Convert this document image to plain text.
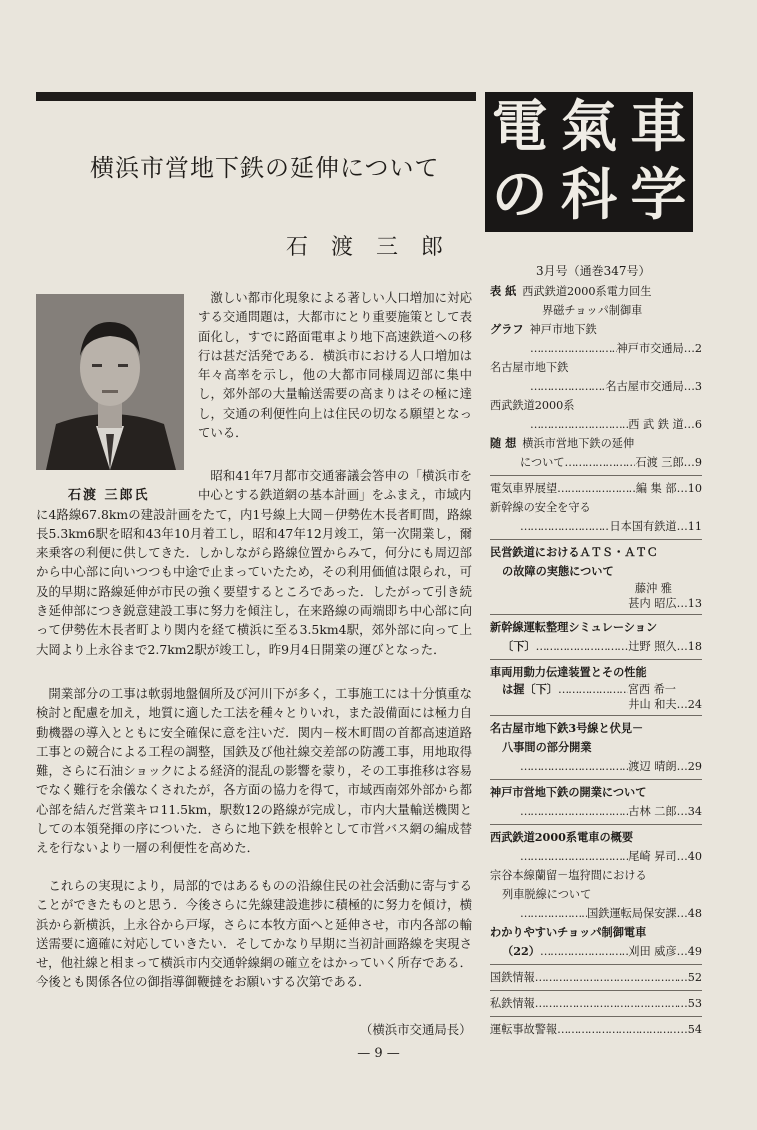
横浜市営地下鉄の延伸について
石 渡 三 郎
石渡 三郎氏
激しい都市化現象による著しい人口増加に対応する交通問題は，大都市にとり重要施策として表面化し，すでに路面電車より地下高速鉄道への移行は甚だ活発である．横浜市における人口増加は年々高率を示し，他の大都市同様周辺部に集中し，郊外部の大量輸送需要の高まりはその極に達し，交通の利便性向上は住民の切なる願望となっている．
昭和41年7月都市交通審議会答申の「横浜市を中心とする鉄道網の基本計画」をふまえ，市域内
に4路線67.8kmの建設計画をたて，内1号線上大岡－伊勢佐木長者町間，路線長5.3km6駅を昭和43年10月着工し，昭和47年12月竣工，第一次開業し，爾来乗客の利便に供してきた．しかしながら路線位置からみて，何分にも周辺部から中心部に向いつつも中途で止まっていたため，その利用価値は限られ，可及的早期に路線延伸が市民の強く要望するところであった．したがって引き続き延伸部につき鋭意建設工事に努力を傾注し，在来路線の両端即ち中心部に向って伊勢佐木長者町より関内を経て横浜に至る3.5km4駅，郊外部に向って上大岡より上永谷まで2.7km2駅が竣工し，昨9月4日開業の運びとなった．
開業部分の工事は軟弱地盤個所及び河川下が多く，工事施工には十分慎重な検討と配慮を加え，地質に適した工法を種々とりいれ，また設備面には極力自動機器の導入とともに安全確保に意を注いだ．関内－桜木町間の首都高速道路工事との競合による工程の調整，国鉄及び他社線交差部の防護工事，用地取得難，さらに石油ショックによる経済的混乱の影響を蒙り，その工事推移は容易でなく難行を余儀なくされたが，各方面の協力を得て，市域西南郊外部から都心部を結んだ営業キロ11.5km，駅数12の路線が完成し，市内大量輸送機関としての本領発揮の序についた．さらに地下鉄を根幹として市営バス網の編成替えを行ないより一層の利便性を高めた．
これらの実現により，局部的ではあるものの沿線住民の社会活動に寄与することができたものと思う．今後さらに先線建設進捗に積極的に努力を傾け，横浜から新横浜，上永谷から戸塚，さらに本牧方面へと延伸させ，市内各部の輸送需要に適確に対応していきたい．そしてかなり早期に当初計画路線を実現させ，他社線と相まって横浜市内交通幹線網の確立をはかっていく所存である．今後とも関係各位の御指導御鞭撻をお願いする次第である．
（横浜市交通局長）
— 9 —
電 氣 車
の 科 学
3月号（通巻347号）
表 紙 西武鉄道2000系電力回生
界磁チョッパ制御車
グラフ 神戸市地下鉄
…………………………………………………………
神戸市交通局…2
名古屋市地下鉄
…………………………………………………………
名古屋市交通局…3
西武鉄道2000系
…………………………………………………………
西 武 鉄 道…6
随 想 横浜市営地下鉄の延伸
について …………………………………………………………	石渡 三郎…9
電気車界展望 …………………………………………………………	編 集 部…10
新幹線の安全を守る
…………………………………………………………
日本国有鉄道…11
民営鉄道におけるＡＴＳ・ＡＴＣ
の故障の実態について
藤沖 雅
甚内 昭広…13
新幹線運転整理シミュレーション
〔下〕 …………………………………………………………	辻野 照久…18
車両用動力伝達装置とその性能
は握〔下〕 …………………………………………………………	宮西 希一
井山 和夫…24
名古屋市地下鉄3号線と伏見－
八事間の部分開業
…………………………………………………………
渡辺 晴朗…29
神戸市営地下鉄の開業について
…………………………………………………………
古林 二郎…34
西武鉄道2000系電車の概要
…………………………………………………………
尾崎 昇司…40
宗谷本線蘭留－塩狩間における
列車脱線について
…………………………………………………………
国鉄運転局保安課…48
わかりやすいチョッパ制御電車
（22） …………………………………………………………	刈田 威彦…49
国鉄情報 …………………………………………………………	…52
私鉄情報 …………………………………………………………	…53
運転事故警報 …………………………………………………………	…54
